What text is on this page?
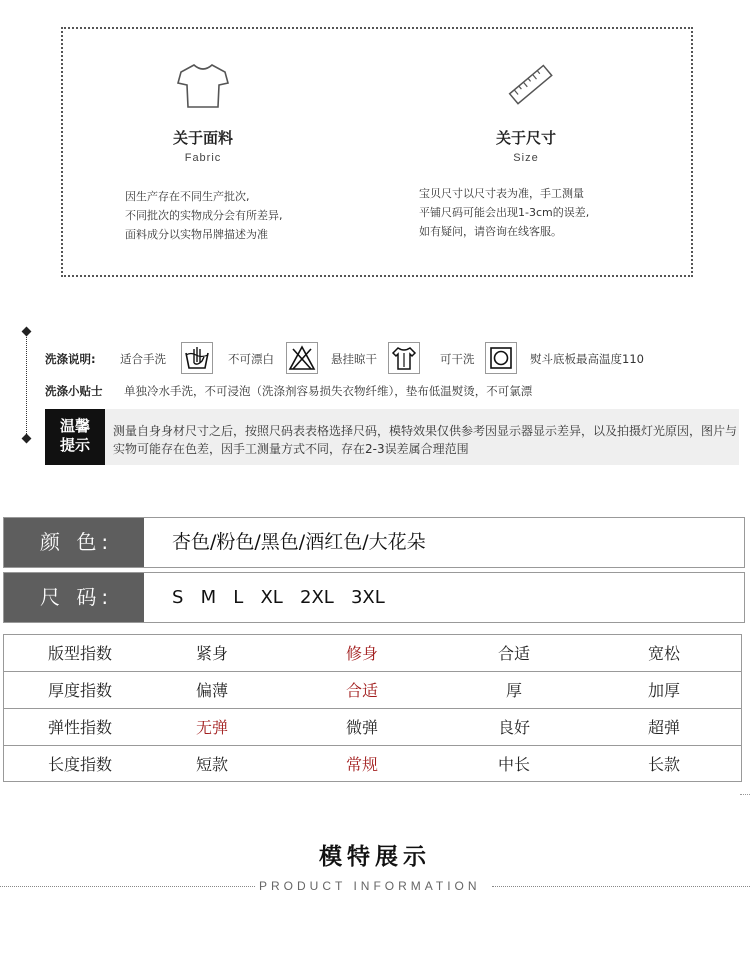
关于面料
Fabric
因生产存在不同生产批次,
不同批次的实物成分会有所差异,
面料成分以实物吊牌描述为准
关于尺寸
Size
宝贝尺寸以尺寸表为准，手工测量
平铺尺码可能会出现1-3cm的误差,
如有疑问，请咨询在线客服。
洗涤说明: 适合手洗	不可漂白	悬挂晾干	可干洗	熨斗底板最高温度110
洗涤小贴士 单独冷水手洗，不可浸泡（洗涤剂容易损失衣物纤维），垫布低温熨烫，不可氯漂
温馨
提示
测量自身身材尺寸之后，按照尺码表表格选择尺码，模特效果仅供参考因显示器显示差异，以及拍摄灯光原因，图片与实物可能存在色差，因手工测量方式不同，存在2-3误差属合理范围
颜 色:	杏色/粉色/黑色/酒红色/大花朵
尺 码:	S   M   L   XL   2XL   3XL
版型指数	紧身	修身	合适	宽松
厚度指数	偏薄	合适	厚	加厚
弹性指数	无弹	微弹	良好	超弹
长度指数	短款	常规	中长	长款
模特展示
PRODUCT INFORMATION
